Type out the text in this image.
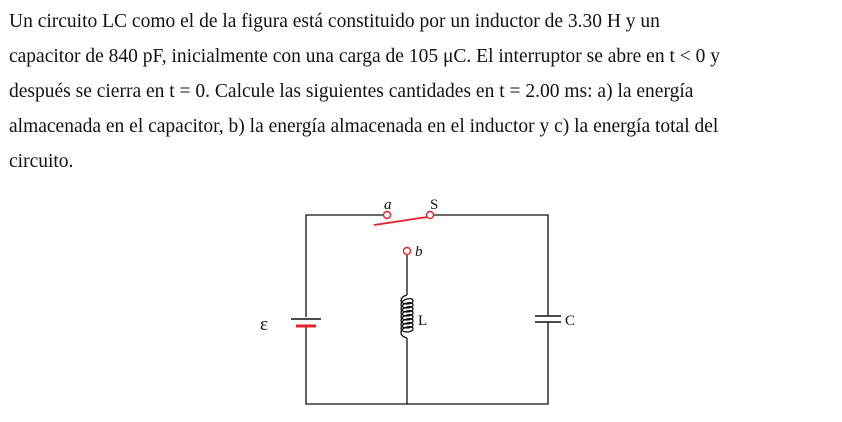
Un circuito LC como el de la figura está constituido por un inductor de 3.30 H y un
capacitor de 840 pF, inicialmente con una carga de 105 μC. El interruptor se abre en t < 0 y
después se cierra en t = 0. Calcule las siguientes cantidades en t = 2.00 ms: a) la energía
almacenada en el capacitor, b) la energía almacenada en el inductor y c) la energía total del
circuito.
a	S
b
ε	L	C
